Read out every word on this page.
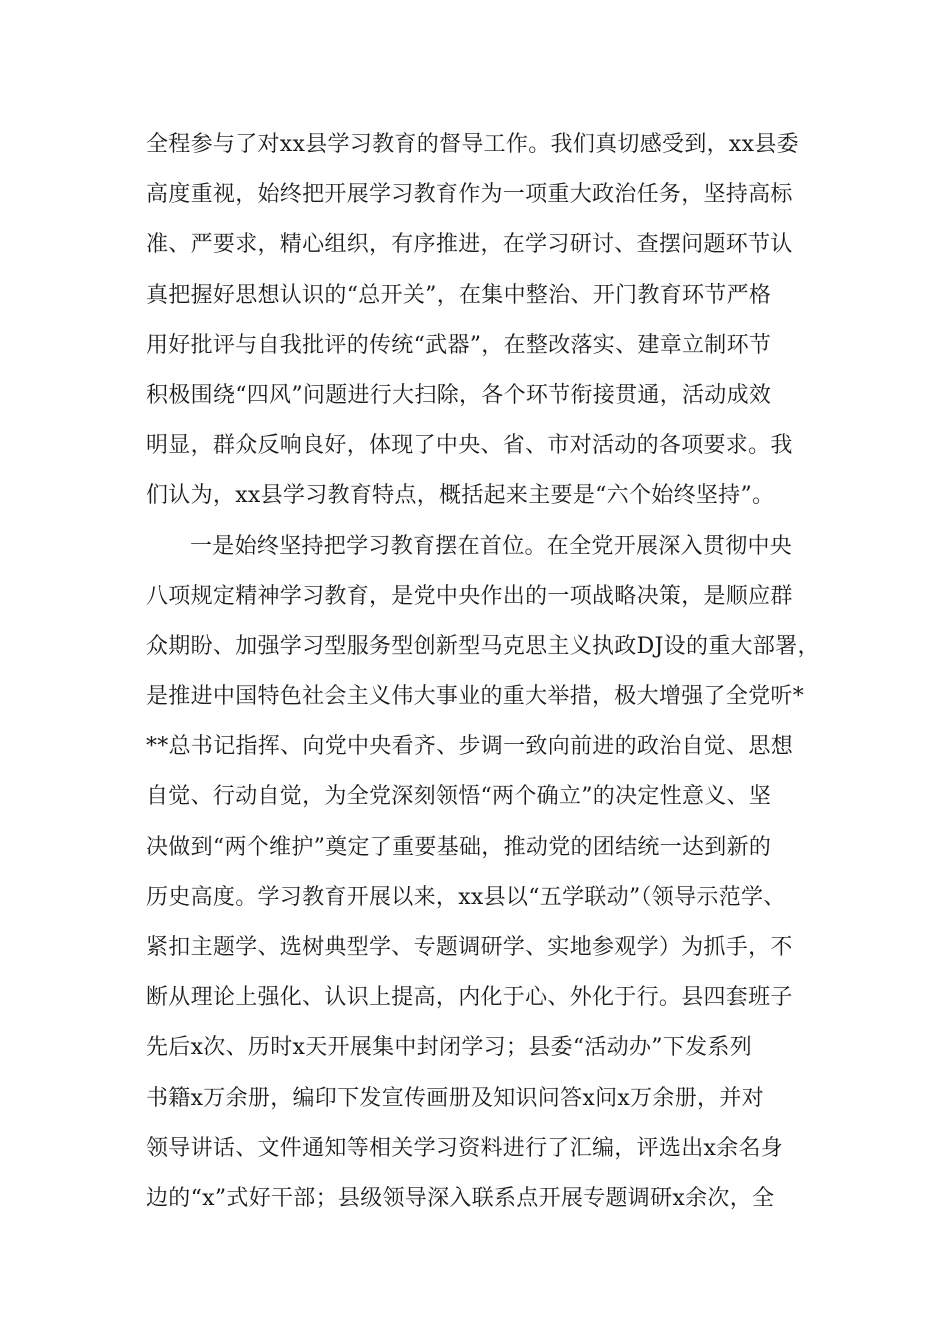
全程参与了对xx县学习教育的督导工作。我们真切感受到，xx县委
高度重视，始终把开展学习教育作为一项重大政治任务，坚持高标
准、严要求，精心组织，有序推进，在学习研讨、查摆问题环节认
真把握好思想认识的“总开关”，在集中整治、开门教育环节严格
用好批评与自我批评的传统“武器”，在整改落实、建章立制环节
积极围绕“四风”问题进行大扫除，各个环节衔接贯通，活动成效
明显，群众反响良好，体现了中央、省、市对活动的各项要求。我
们认为，xx县学习教育特点，概括起来主要是“六个始终坚持”。
一是始终坚持把学习教育摆在首位。在全党开展深入贯彻中央
八项规定精神学习教育，是党中央作出的一项战略决策，是顺应群
众期盼、加强学习型服务型创新型马克思主义执政DJ设的重大部署，
是推进中国特色社会主义伟大事业的重大举措，极大增强了全党听*
**总书记指挥、向党中央看齐、步调一致向前进的政治自觉、思想
自觉、行动自觉，为全党深刻领悟“两个确立”的决定性意义、坚
决做到“两个维护”奠定了重要基础，推动党的团结统一达到新的
历史高度。学习教育开展以来，xx县以“五学联动”（领导示范学、
紧扣主题学、选树典型学、专题调研学、实地参观学）为抓手，不
断从理论上强化、认识上提高，内化于心、外化于行。县四套班子
先后x次、历时x天开展集中封闭学习；县委“活动办”下发系列
书籍x万余册，编印下发宣传画册及知识问答x问x万余册，并对
领导讲话、文件通知等相关学习资料进行了汇编，评选出x余名身
边的“x”式好干部；县级领导深入联系点开展专题调研x余次，全
